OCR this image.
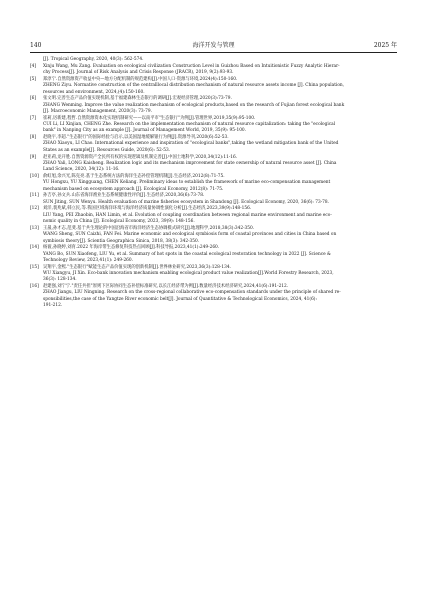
140	海洋开发与管理	2025 年
[J]. Tropical Geography, 2020, 40(3): 562-574.
[4] Xinju Wang, Mu Zang. Evaluation on ecological civilization Construction Level in Guizhou Based on Intuitionistic Fuzzy Analytic Hierar-
chy Process[J]. Journal of Risk Analysis and Crisis Response (JRACR), 2019, 9(2):93-93.
[5] 郑淳宁.自然资源资产收益中央—地方分配机制的规范建构[J].中国人口·资源与环境,2024(4):150-160.
ZHENG Ziyu. Normative construction of the centralllocal distribution mechanism of natural resource assets income [J]. China population,
resources and environment, 2024,(4):150-160.
[6] 张文明.完善生态产品价值实现机制,基于福建森林生态银行的调研[J].宏观经济管理,2020(3):73-79.
ZHANG Wenming. Improve the value realization mechanism of ecological products,based on the research of Fujian forest ecological bank
[J]. Macroeconomic Management, 2020(3): 73-79.
[7] 崔莉,厉新建,程哲.自然资源资本化实现机制研究——以南平市"生态银行"为例[J].管理世界,2019,35(9):95-100.
CUI Li, LI Xinjian, CHENG Zhe. Research on the implementation mechanism of natural resource capitalization: taking the "ecological
bank" in Nanping City as an example [J]. Journal of Management World, 2019, 35(9): 95-100.
[8] 赵晓宇,李超."生态银行"的国际经验与启示,以美国湿地缓解银行为例[J].资源导刊,2020(6):52-53.
ZHAO Xiaoyu, LI Chao. International experience and inspiration of "ecological banks",taking the wetland mitigation bank of the United
States as an example[J]. Resources Guide, 2020(6): 52-53.
[9] 赵亚莉,龙开胜.自然资源资产全民所有权的实现逻辑及机制完善[J].中国土地科学,2020,34(12):11-16.
ZHAO Yali, LONG Kaisheng. Realization logic and its mechanism improvement for state ownership of natural resource asset [J]. China
Land Science, 2020, 34(12): 11-16.
[10] 俞虹旭,余兴光,陈克亮.基于生态系统方法的海洋生态补偿管理机制[J].生态经济,2012(8):71-75.
YU Hongxu, YU Xingguang, CHEN Keliang. Preliminary ideas to establish the framework of marine eco-compensation management
mechanism based on ecosystem approach [J]. Ecological Economy, 2012(8): 71-75.
[11] 孙吉亭,孙文兵.山东省海洋渔业生态系统健康性评价[J].生态经济,2020,36(6):73-78.
SUN Jiting, SUN Wenyu. Health evaluation of marine fisheries ecosystem in Shandong [J]. Ecological Economy, 2020, 36(6): 73-78.
[12] 刘洋,裴兆斌,韩立民,等.我国区域海洋环境与海洋经济质量协调性演化分析[J].生态经济,2023,39(9):148-156.
LIU Yang, PEI Zhaobin, HAN Limin, et al. Evolution of coupling coordination between regional marine environment and marine eco-
nomic quality in China [J]. Ecological Economy, 2023, 39(9): 148-156.
[13] 王晟,孙才志,范斐.基于共生理论的中国沿海省市海洋经济生态协调模式研究[J].地理科学,2018,38(3):342-350.
WANG Sheng, SUN Caizhi, FAN Fei. Marine economic and ecological symbiosis form of coastal provinces and cities in China based on
symbiosis theory[J]. Scientia Geographica Sinica, 2018, 38(3): 342-350.
[14] 杨彼,孙晓婷,刘育.2022 年海岸带生态修复科技热点回顾[J].科技导报,2023,41(1):249-260.
YANG Bo, SUN Xiaofeng, LIU Yu, et al. Summary of hot spots in the coastal ecological restoration technology in 2022 [J]. Science &
Technology Review, 2023,41(1): 249-260.
[15] 吴翔宇,金熙."生态银行"赋能生态产品价值实现的创新机制[J].世界林业研究,2023,36(3):128-134.
WU Xiangyu, JI Xin. Eco-bank innovation mechanism enabling ecological product value realization[J].World Forestry Research, 2023,
36(3): 128-134.
[16] 赵建强,刘宁宁."责任共担"原则下区际协同生态补偿标准研究,以长江经济带为例[J].数量经济技术经济研究,2024,41(6):191-212.
ZHAO Jiangu, LIU Ningning. Research on the cross-regional collaborative eco-compensation standards under the principle of shared re-
sponsibilities,the case of the Yangtze River economic belt[J]. Journal of Quantitative & Technological Economics, 2024, 41(6):
191-212.
